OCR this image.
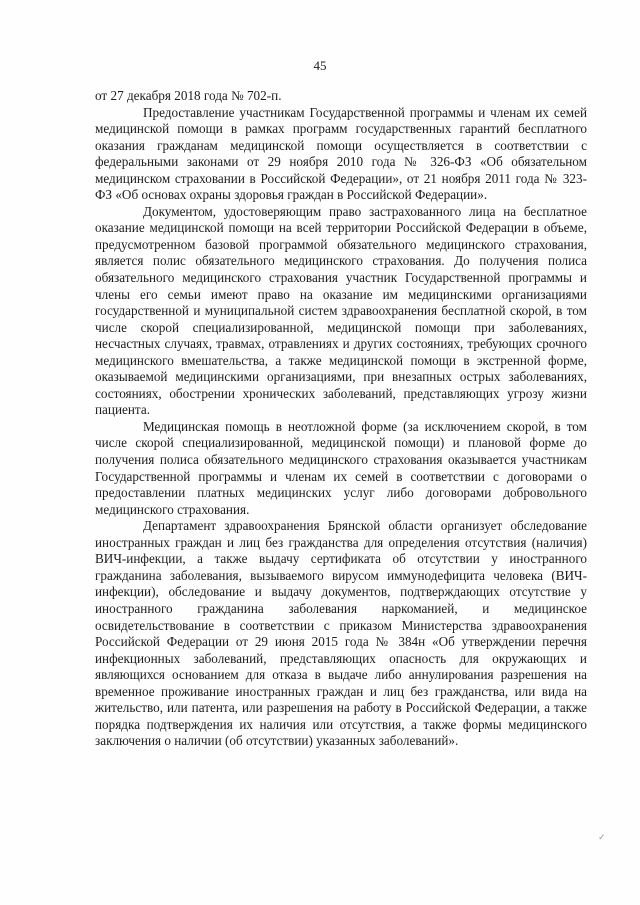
45

от 27 декабря 2018 года № 702-п.

Предоставление участникам Государственной программы и членам их семей медицинской помощи в рамках программ государственных гарантий бесплатного оказания гражданам медицинской помощи осуществляется в соответствии с федеральными законами от 29 ноября 2010 года № 326-ФЗ «Об обязательном медицинском страховании в Российской Федерации», от 21 ноября 2011 года № 323-ФЗ «Об основах охраны здоровья граждан в Российской Федерации».

Документом, удостоверяющим право застрахованного лица на бесплатное оказание медицинской помощи на всей территории Российской Федерации в объеме, предусмотренном базовой программой обязательного медицинского страхования, является полис обязательного медицинского страхования. До получения полиса обязательного медицинского страхования участник Государственной программы и члены его семьи имеют право на оказание им медицинскими организациями государственной и муниципальной систем здравоохранения бесплатной скорой, в том числе скорой специализированной, медицинской помощи при заболеваниях, несчастных случаях, травмах, отравлениях и других состояниях, требующих срочного медицинского вмешательства, а также медицинской помощи в экстренной форме, оказываемой медицинскими организациями, при внезапных острых заболеваниях, состояниях, обострении хронических заболеваний, представляющих угрозу жизни пациента.

Медицинская помощь в неотложной форме (за исключением скорой, в том числе скорой специализированной, медицинской помощи) и плановой форме до получения полиса обязательного медицинского страхования оказывается участникам Государственной программы и членам их семей в соответствии с договорами о предоставлении платных медицинских услуг либо договорами добровольного медицинского страхования.

Департамент здравоохранения Брянской области организует обследование иностранных граждан и лиц без гражданства для определения отсутствия (наличия) ВИЧ-инфекции, а также выдачу сертификата об отсутствии у иностранного гражданина заболевания, вызываемого вирусом иммунодефицита человека (ВИЧ-инфекции), обследование и выдачу документов, подтверждающих отсутствие у иностранного гражданина заболевания наркоманией, и медицинское освидетельствование в соответствии с приказом Министерства здравоохранения Российской Федерации от 29 июня 2015 года № 384н «Об утверждении перечня инфекционных заболеваний, представляющих опасность для окружающих и являющихся основанием для отказа в выдаче либо аннулирования разрешения на временное проживание иностранных граждан и лиц без гражданства, или вида на жительство, или патента, или разрешения на работу в Российской Федерации, а также порядка подтверждения их наличия или отсутствия, а также формы медицинского заключения о наличии (об отсутствии) указанных заболеваний».

✓
